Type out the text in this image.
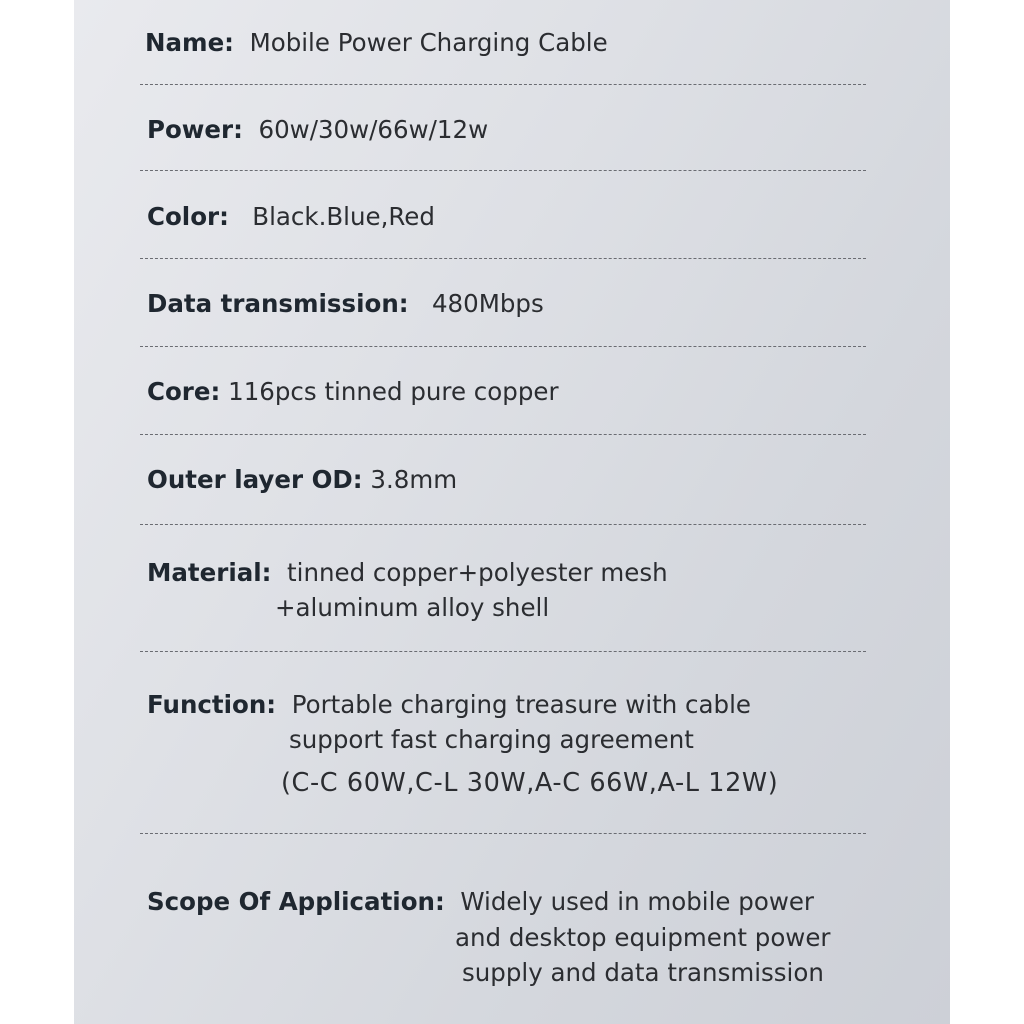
Name: Mobile Power Charging Cable
Power: 60w/30w/66w/12w
Color: Black.Blue,Red
Data transmission: 480Mbps
Core: 116pcs tinned pure copper
Outer layer OD: 3.8mm
Material: tinned copper+polyester mesh
+aluminum alloy shell
Function: Portable charging treasure with cable
support fast charging agreement
(C-C 60W,C-L 30W,A-C 66W,A-L 12W)
Scope Of Application: Widely used in mobile power
and desktop equipment power
supply and data transmission
